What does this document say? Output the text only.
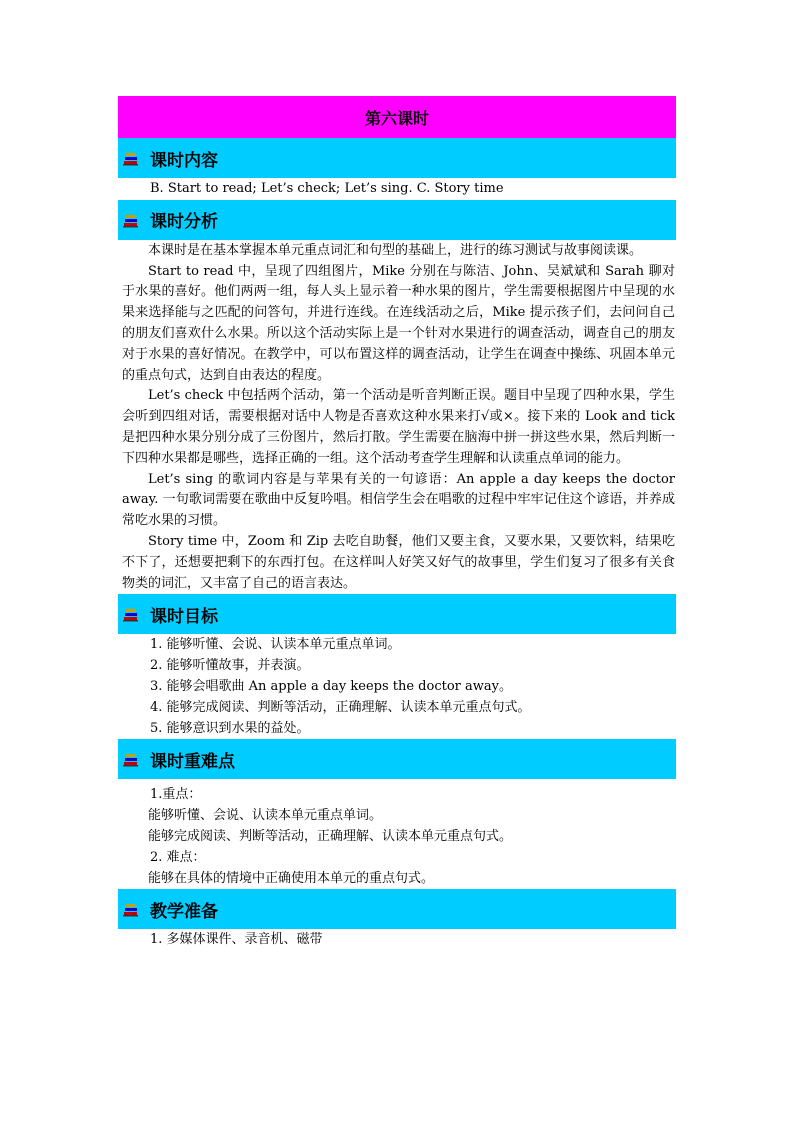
第六课时
课时内容

B. Start to read; Let’s check; Let’s sing. C. Story time

课时分析

本课时是在基本掌握本单元重点词汇和句型的基础上，进行的练习测试与故事阅读课。

Start to read 中，呈现了四组图片，Mike 分别在与陈洁、John、吴斌斌和 Sarah 聊对于水果的喜好。他们两两一组，每人头上显示着一种水果的图片，学生需要根据图片中呈现的水果来选择能与之匹配的问答句，并进行连线。在连线活动之后，Mike 提示孩子们，去问问自己的朋友们喜欢什么水果。所以这个活动实际上是一个针对水果进行的调查活动，调查自己的朋友对于水果的喜好情况。在教学中，可以布置这样的调查活动，让学生在调查中操练、巩固本单元的重点句式，达到自由表达的程度。

Let’s check 中包括两个活动，第一个活动是听音判断正误。题目中呈现了四种水果，学生会听到四组对话，需要根据对话中人物是否喜欢这种水果来打√或×。接下来的 Look and tick 是把四种水果分别分成了三份图片，然后打散。学生需要在脑海中拼一拼这些水果，然后判断一下四种水果都是哪些，选择正确的一组。这个活动考查学生理解和认读重点单词的能力。

Let’s sing 的歌词内容是与苹果有关的一句谚语：An apple a day keeps the doctor away. 一句歌词需要在歌曲中反复吟唱。相信学生会在唱歌的过程中牢牢记住这个谚语，并养成常吃水果的习惯。

Story time 中，Zoom 和 Zip 去吃自助餐，他们又要主食，又要水果，又要饮料，结果吃不下了，还想要把剩下的东西打包。在这样叫人好笑又好气的故事里，学生们复习了很多有关食物类的词汇，又丰富了自己的语言表达。

课时目标

1. 能够听懂、会说、认读本单元重点单词。

2. 能够听懂故事，并表演。

3. 能够会唱歌曲 An apple a day keeps the doctor away。

4. 能够完成阅读、判断等活动，正确理解、认读本单元重点句式。

5. 能够意识到水果的益处。

课时重难点

1.重点：

能够听懂、会说、认读本单元重点单词。

能够完成阅读、判断等活动，正确理解、认读本单元重点句式。

2. 难点：

能够在具体的情境中正确使用本单元的重点句式。

教学准备

1. 多媒体课件、录音机、磁带
